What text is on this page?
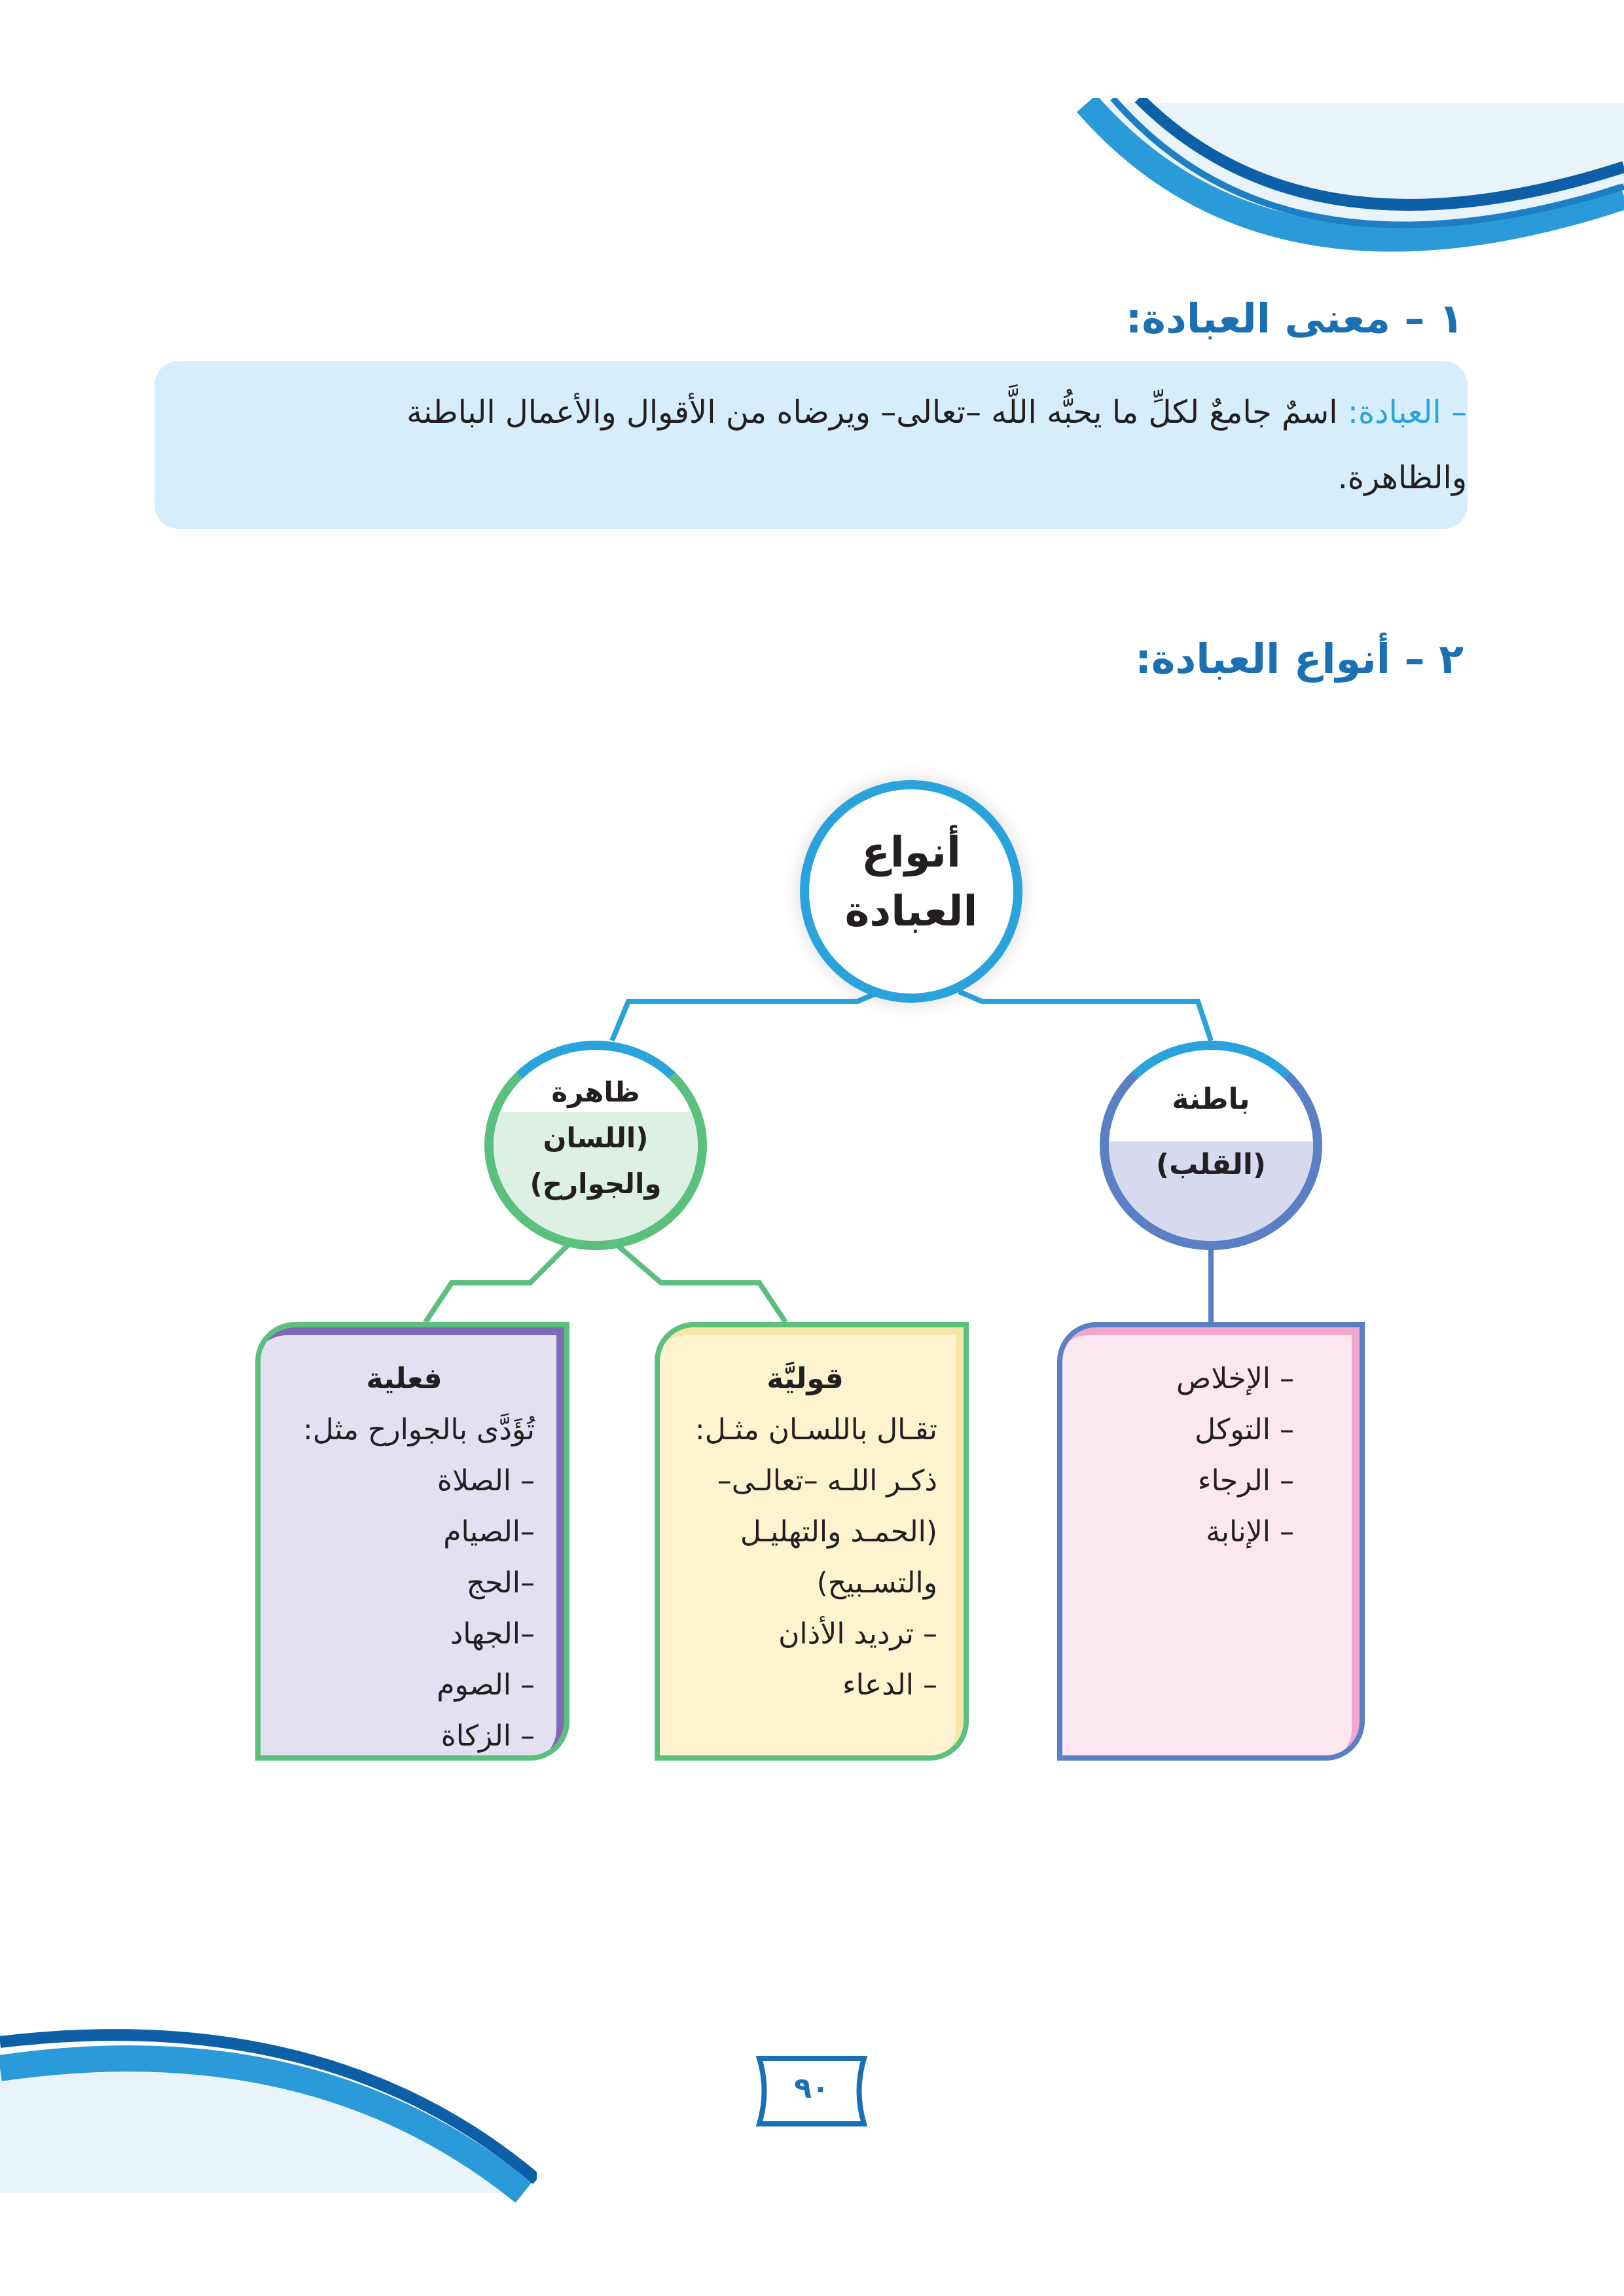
١ – معنى العبادة:
– العبادة: اسمٌ جامعٌ لكلِّ ما يحبُّه اللَّه –تعالى– ويرضاه من الأقوال والأعمال الباطنة
والظاهرة.
٢ – أنواع العبادة:
أنواع
العبادة
باطنة
(القلب)
ظاهرة
(اللسان
والجوارح)
– الإخلاص
– التوكل
– الرجاء
– الإنابة
قوليَّة
تقـال باللسـان مثـل:
ذكـر اللـه –تعالـى–
(الحمـد والتهليـل
والتسـبيح)
– ترديد الأذان
– الدعاء
فعلية
تُؤَدَّى بالجوارح مثل:
– الصلاة
–الصيام
–الحج
–الجهاد
– الصوم
– الزكاة
٩٠
